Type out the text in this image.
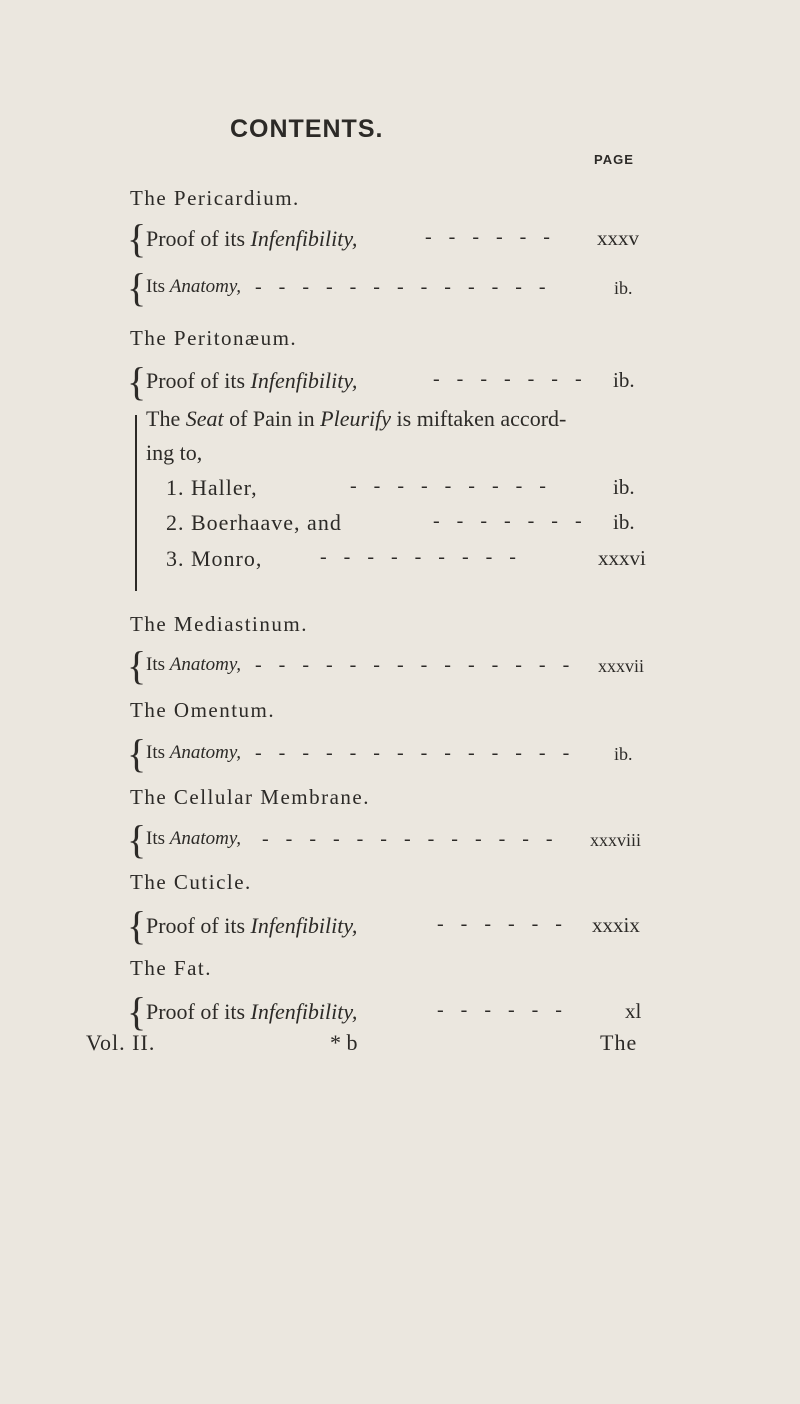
CONTENTS.
PAGE
The Pericardium.
{ Proof of its Infenfibility,	- - - - - - xxxv
{ Its Anatomy, - - - - - - - - - - - - -	ib.
The Peritonæum.
{ Proof of its Infenfibility,	- - - - - - - ib.
The Seat of Pain in Pleurify is miftaken accord-
ing to,
1. Haller,	- - - - - - - - -	ib.
2. Boerhaave, and	- - - - - - - ib.
3. Monro,	- - - - - - - - -	xxxvi
The Mediastinum.
{ Its Anatomy, - - - - - - - - - - - - - - xxxvii
The Omentum.
{ Its Anatomy, - - - - - - - - - - - - - - ib.
The Cellular Membrane.
{ Its Anatomy, - - - - - - - - - - - - - xxxviii
The Cuticle.
{ Proof of its Infenfibility,	- - - - - - xxxix
The Fat.
{ Proof of its Infenfibility,	- - - - - -	xl
Vol. II.	* b	The
